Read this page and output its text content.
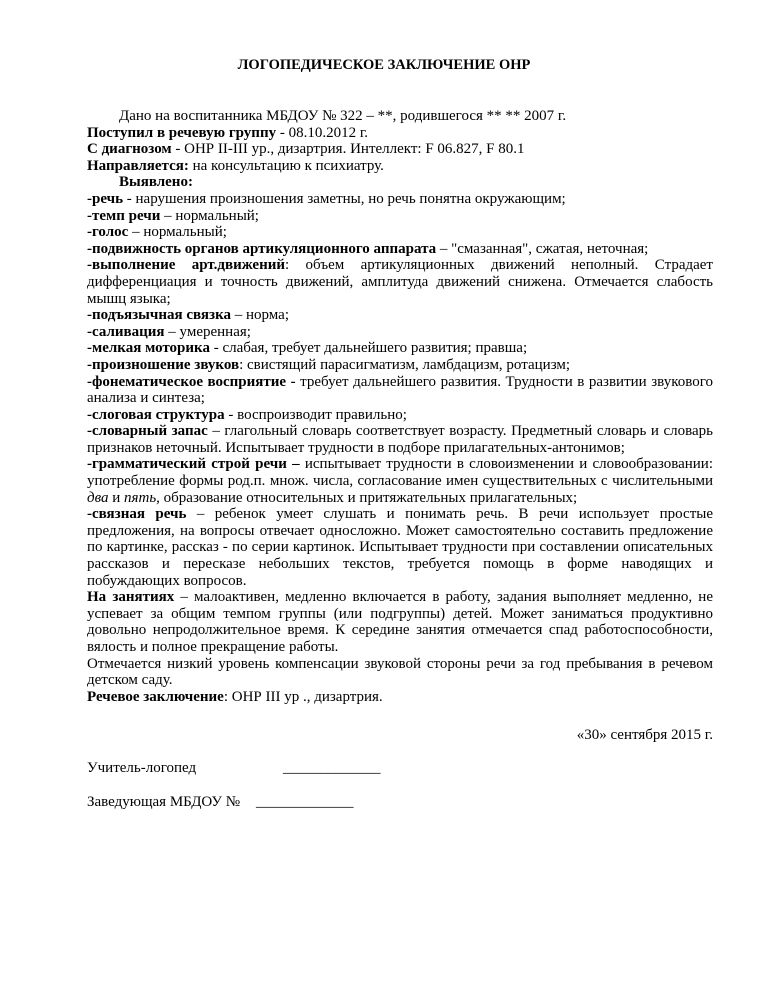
ЛОГОПЕДИЧЕСКОЕ ЗАКЛЮЧЕНИЕ ОНР

Дано на воспитанника МБДОУ № 322 – **, родившегося ** ** 2007 г.

Поступил в речевую группу - 08.10.2012 г.

С диагнозом - ОНР II-III ур., дизартрия. Интеллект: F 06.827, F 80.1

Направляется: на консультацию к психиатру.

Выявлено:

-речь - нарушения произношения заметны, но речь понятна окружающим;

-темп речи – нормальный;

-голос – нормальный;

-подвижность органов артикуляционного аппарата – "смазанная", сжатая, неточная;

-выполнение арт.движений: объем артикуляционных движений неполный. Страдает дифференциация и точность движений, амплитуда движений снижена. Отмечается слабость мышц языка;

-подъязычная связка – норма;

-саливация – умеренная;

-мелкая моторика - слабая, требует дальнейшего развития; правша;

-произношение звуков: свистящий парасигматизм, ламбдацизм, ротацизм;

-фонематическое восприятие - требует дальнейшего развития. Трудности в развитии звукового анализа и синтеза;

-слоговая структура - воспроизводит правильно;

-словарный запас – глагольный словарь соответствует возрасту. Предметный словарь и словарь признаков неточный. Испытывает трудности в подборе прилагательных-антонимов;

-грамматический строй речи – испытывает трудности в словоизменении и словообразовании: употребление формы род.п. множ. числа, согласование имен существительных с числительными два и пять, образование относительных и притяжательных прилагательных;

-связная речь – ребенок умеет слушать и понимать речь. В речи использует простые предложения, на вопросы отвечает односложно. Может самостоятельно составить предложение по картинке, рассказ - по серии картинок. Испытывает трудности при составлении описательных рассказов и пересказе небольших текстов, требуется помощь в форме наводящих и побуждающих вопросов.

На занятиях – малоактивен, медленно включается в работу, задания выполняет медленно, не успевает за общим темпом группы (или подгруппы) детей. Может заниматься продуктивно довольно непродолжительное время. К середине занятия отмечается спад работоспособности, вялость и полное прекращение работы.

Отмечается низкий уровень компенсации звуковой стороны речи за год пребывания в речевом детском саду.

Речевое заключение: ОНР III ур ., дизартрия.

«30» сентября 2015 г.
Учитель-логопед	_____________
Заведующая МБДОУ № _____________
